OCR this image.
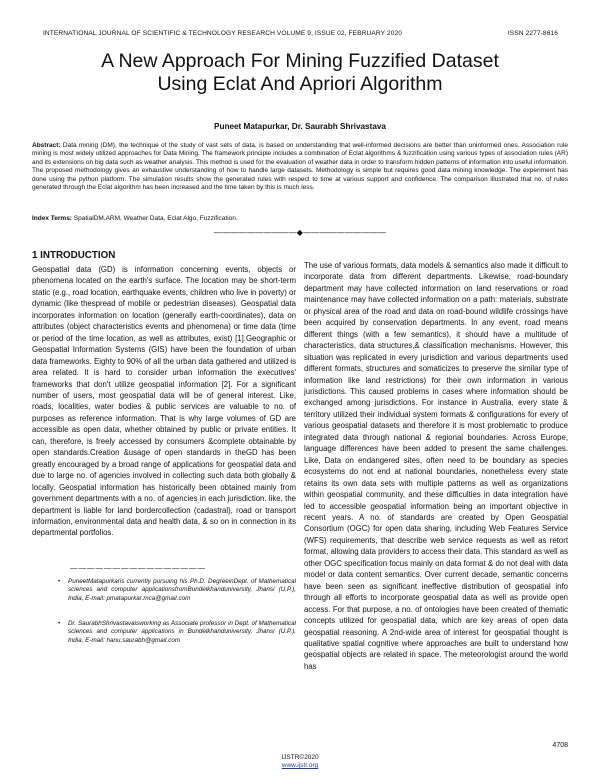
INTERNATIONAL JOURNAL OF SCIENTIFIC & TECHNOLOGY RESEARCH VOLUME 9, ISSUE 02, FEBRUARY 2020	ISSN 2277-8616
A New Approach For Mining Fuzzified Dataset
Using Eclat And Apriori Algorithm
Puneet Matapurkar, Dr. Saurabh Shrivastava
Abstract: Data mining (DM), the technique of the study of vast sets of data, is based on understanding that well-informed decisions are better than uninformed ones. Association rule mining is most widely utilized approaches for Data Mining. The framework principle includes a combination of Eclat algorithms & fuzzification using various types of association rules (AR) and its extensions on big data such as weather analysis. This method is used for the evaluation of weather data in order to transform hidden patterns of information into useful information. The proposed methodology gives an exhaustive understanding of how to handle large datasets. Methodology is simple but requires good data mining knowledge. The experiment has done using the python platform. The simulation results show the generated rules with respect to time at various support and confidence. The comparison illustrated that no. of rules generated through the Eclat algorithm has been increased and the time taken by this is much less.
Index Terms: SpatialDM,ARM, Weather Data, Eclat Algo, Fuzzification.
——————————◆——————————
1 INTRODUCTION
Geospatial data (GD) is information concerning events, objects or phenomena located on the earth's surface. The location may be short-term static (e.g., road location, earthquake events, children who live in poverty) or dynamic (like thespread of mobile or pedestrian diseases). Geospatial data incorporates information on location (generally earth-coordinates), data on attributes (object characteristics events and phenomena) or time data (time or period of the time location, as well as attributes, exist) [1].Geographic or Geospatial Information Systems (GIS) have been the foundation of urban data frameworks. Eighty to 90% of all the urban data gathered and utilized is area related. It is hard to consider urban information the executives' frameworks that don't utilize geospatial information [2]. For a significant number of users, most geospatial data will be of general interest. Like, roads, localities, water bodies & public services are valuable to no. of purposes as reference information. That is why large volumes of GD are accessible as open data, whether obtained by public or private entities. It can, therefore, is freely accessed by consumers &complete obtainable by open standards.Creation &usage of open standards in theGD has been greatly encouraged by a broad range of applications for geospatial data and due to large no. of agencies involved in collecting such data both globally & locally. Geospatial information has historically been obtained mainly from government departments with a no. of agencies in each jurisdiction. like, the department is liable for land bordercollection (cadastral), road or transport information, environmental data and health data, & so on in connection in its departmental portfolios.
The use of various formats, data models & semantics also made it difficult to incorporate data from different departments. Likewise, road-boundary department may have collected information on land reservations or road maintenance may have collected information on a path: materials, substrate or physical area of the road and data on road-bound wildlife crossings have been acquired by conservation departments. In any event, road means different things (with a few semantics), it should have a multitude of characteristics, data structures,& classification mechanisms. However, this situation was replicated in every jurisdiction and various departments used different formats, structures and somaticizes to preserve the similar type of information like land restrictions) for their own information in various jurisdictions. This caused problems in cases where information should be exchanged among jurisdictions. For instance in Australia, every state & territory utilized their individual system formats & configurations for every of various geospatial datasets and therefore it is most problematic to produce integrated data through national & regional boundaries. Across Europe, language differences have been added to present the same challenges. Like, Data on endangered sites, often need to be boundary as species ecosystems do not end at national boundaries, nonetheless every state retains its own data sets with multiple patterns as well as organizations within geospatial community, and these difficulties in data integration have led to accessible geospatial information being an important objective in recent years. A no. of standards are created by Open Geospatial Consortium (OGC) for open data sharing, including Web Features Service (WFS) requirements, that describe web service requests as well as retort format, allowing data providers to access their data. This standard as well as other OGC specification focus mainly on data format & do not deal with data model or data content semantics. Over current decade, semantic concerns have been seen as significant ineffective distribution of geospatial info through all efforts to incorporate geospatial data as well as provide open access. For that purpose, a no. of ontologies have been created of thematic concepts utilized for geospatial data, which are key areas of open data geospatial reasoning. A 2nd-wide area of interest for geospatial thought is qualitative spatial cognitive where approaches are built to understand how geospatial objects are related in space. The meteorologist around the world has
————————————————
• PuneetMatapurkaris currently pursuing his Ph.D. DegreeinDept. of Mathematical sciences and computer applicationsfromBundelkhanduniversity, Jhansi (U.P.), India, E-mail: pmatapurkar.mca@gmail.com
• Dr. SaurabhShrivastavaisworking as Associate professor in Dept. of Mathematical sciences and computer applications in Bundelkhanduniversity, Jhansi (U.P.), India, E-mail: hanu.saurabh@gmail.com
IJSTR©2020
www.ijstr.org
4708
